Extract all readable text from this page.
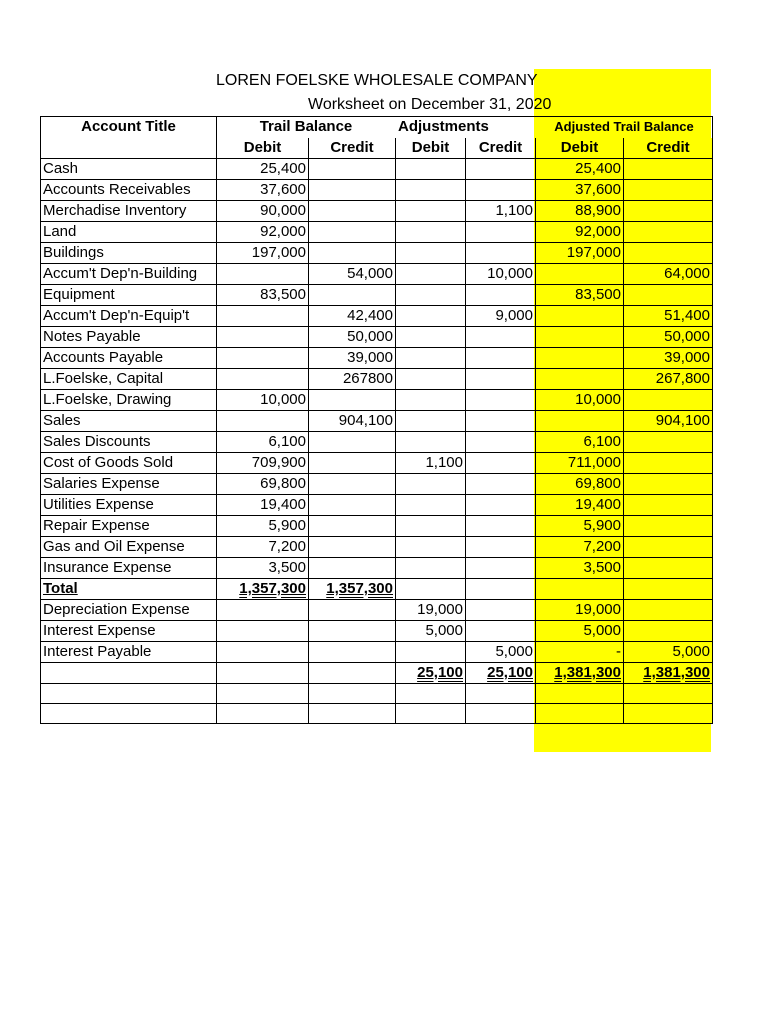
LOREN FOELSKE WHOLESALE COMPANY
Worksheet on December 31, 2020
Account Title	Trail Balance		Adjustments		Adjusted Trail Balance	
	Debit	Credit	Debit	Credit	Debit	Credit
Cash	25,400				25,400	
Accounts Receivables	37,600				37,600	
Merchadise Inventory	90,000			1,100	88,900	
Land	92,000				92,000	
Buildings	197,000				197,000	
Accum't Dep'n-Building		54,000		10,000		64,000
Equipment	83,500				83,500	
Accum't Dep'n-Equip't		42,400		9,000		51,400
Notes Payable		50,000				50,000
Accounts Payable		39,000				39,000
L.Foelske, Capital		267800				267,800
L.Foelske, Drawing	10,000				10,000	
Sales		904,100				904,100
Sales Discounts	6,100				6,100	
Cost of Goods Sold	709,900		1,100		711,000	
Salaries Expense	69,800				69,800	
Utilities Expense	19,400				19,400	
Repair Expense	5,900				5,900	
Gas and Oil Expense	7,200				7,200	
Insurance Expense	3,500				3,500	
Total	1,357,300	1,357,300				
Depreciation Expense			19,000		19,000	
Interest Expense			5,000		5,000	
Interest Payable				5,000	-	5,000
			25,100	25,100	1,381,300	1,381,300
